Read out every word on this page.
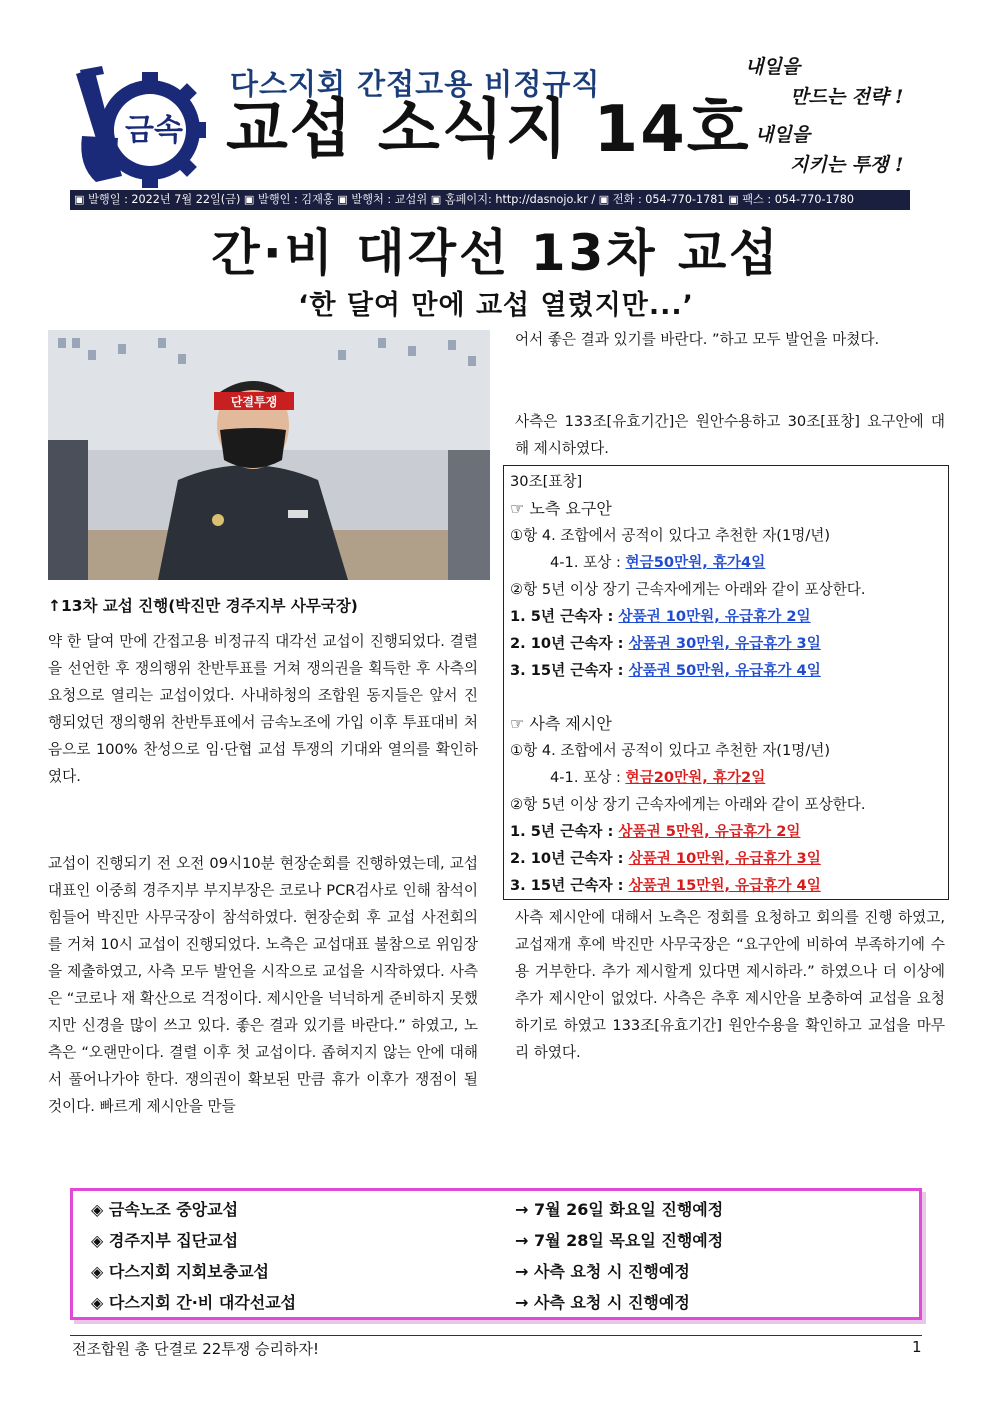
금속
다스지회 간접고용 비정규직
교섭 소식지 14호
내일을
만드는 전략 !
내일을
지키는 투쟁 !
▣ 발행일 : 2022년 7월 22일(금) ▣ 발행인 : 김재홍 ▣ 발행처 : 교섭위 ▣ 홈페이지: http://dasnojo.kr / ▣ 전화 : 054-770-1781 ▣ 팩스 : 054-770-1780
간·비 대각선 13차 교섭
‘한 달여 만에 교섭 열렸지만...’
단결투쟁
↑13차 교섭 진행(박진만 경주지부 사무국장)
약 한 달여 만에 간접고용 비정규직 대각선 교섭이 진행되었다. 결렬을 선언한 후 쟁의행위 찬반투표를 거쳐 쟁의권을 획득한 후 사측의 요청으로 열리는 교섭이었다. 사내하청의 조합원 동지들은 앞서 진행되었던 쟁의행위 찬반투표에서 금속노조에 가입 이후 투표대비 처음으로 100% 찬성으로 임·단협 교섭 투쟁의 기대와 열의를 확인하였다.
교섭이 진행되기 전 오전 09시10분 현장순회를 진행하였는데, 교섭대표인 이중희 경주지부 부지부장은 코로나 PCR검사로 인해 참석이 힘들어 박진만 사무국장이 참석하였다. 현장순회 후 교섭 사전회의를 거쳐 10시 교섭이 진행되었다. 노측은 교섭대표 불참으로 위임장을 제출하였고, 사측 모두 발언을 시작으로 교섭을 시작하였다. 사측은 “코로나 재 확산으로 걱정이다. 제시안을 넉넉하게 준비하지 못했지만 신경을 많이 쓰고 있다. 좋은 결과 있기를 바란다.” 하였고, 노측은 “오랜만이다. 결렬 이후 첫 교섭이다. 좁혀지지 않는 안에 대해서 풀어나가야 한다. 쟁의권이 확보된 만큼 휴가 이후가 쟁점이 될 것이다. 빠르게 제시안을 만들
어서 좋은 결과 있기를 바란다. ”하고 모두 발언을 마쳤다.
사측은 133조[유효기간]은 원안수용하고 30조[표창] 요구안에 대해 제시하였다.
30조[표창]
☞ 노측 요구안
①항 4. 조합에서 공적이 있다고 추천한 자(1명/년)
4-1. 포상 : 현금50만원, 휴가4일
②항 5년 이상 장기 근속자에게는 아래와 같이 포상한다.
1. 5년 근속자 : 상품권 10만원, 유급휴가 2일
2. 10년 근속자 : 상품권 30만원, 유급휴가 3일
3. 15년 근속자 : 상품권 50만원, 유급휴가 4일
☞ 사측 제시안
①항 4. 조합에서 공적이 있다고 추천한 자(1명/년)
4-1. 포상 : 현금20만원, 휴가2일
②항 5년 이상 장기 근속자에게는 아래와 같이 포상한다.
1. 5년 근속자 : 상품권 5만원, 유급휴가 2일
2. 10년 근속자 : 상품권 10만원, 유급휴가 3일
3. 15년 근속자 : 상품권 15만원, 유급휴가 4일
사측 제시안에 대해서 노측은 정회를 요청하고 회의를 진행 하였고, 교섭재개 후에 박진만 사무국장은 “요구안에 비하여 부족하기에 수용 거부한다. 추가 제시할게 있다면 제시하라.” 하였으나 더 이상에 추가 제시안이 없었다. 사측은 추후 제시안을 보충하여 교섭을 요청하기로 하였고 133조[유효기간] 원안수용을 확인하고 교섭을 마무리 하였다.
◈ 금속노조 중앙교섭	→ 7월 26일 화요일 진행예정
◈ 경주지부 집단교섭	→ 7월 28일 목요일 진행예정
◈ 다스지회 지회보충교섭	→ 사측 요청 시 진행예정
◈ 다스지회 간·비 대각선교섭	→ 사측 요청 시 진행예정
전조합원 총 단결로 22투쟁 승리하자!	1
